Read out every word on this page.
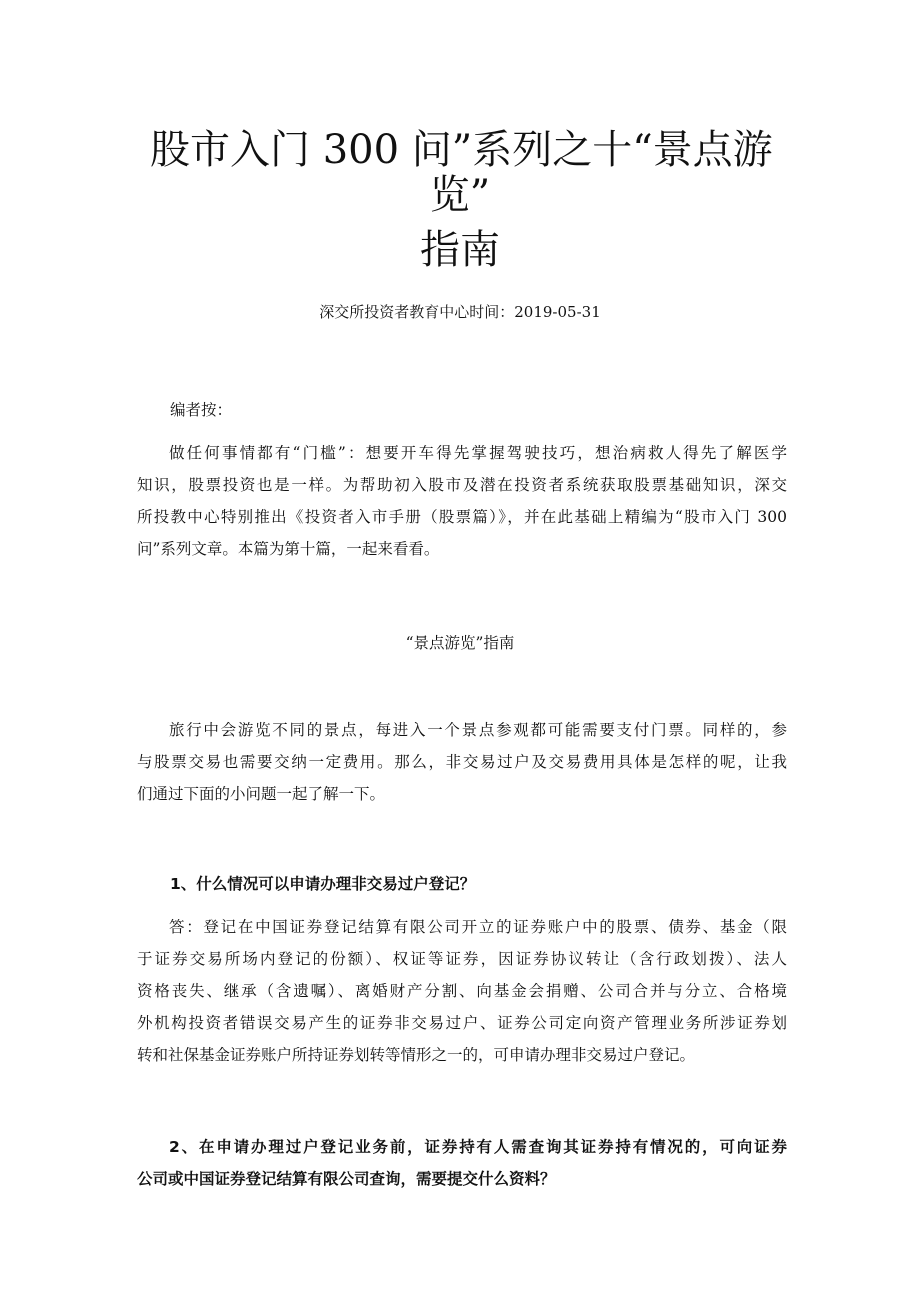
股市入门 300 问”系列之十“景点游
览”
指南
深交所投资者教育中心时间：2019-05-31
编者按：
做任何事情都有“门槛”：想要开车得先掌握驾驶技巧，想治病救人得先了解医学
知识，股票投资也是一样。为帮助初入股市及潜在投资者系统获取股票基础知识，深交
所投教中心特别推出《投资者入市手册（股票篇）》，并在此基础上精编为“股市入门 300
问”系列文章。本篇为第十篇，一起来看看。
“景点游览”指南
旅行中会游览不同的景点，每进入一个景点参观都可能需要支付门票。同样的，参
与股票交易也需要交纳一定费用。那么，非交易过户及交易费用具体是怎样的呢，让我
们通过下面的小问题一起了解一下。
1、什么情况可以申请办理非交易过户登记？
答：登记在中国证券登记结算有限公司开立的证券账户中的股票、债券、基金（限
于证券交易所场内登记的份额）、权证等证券，因证券协议转让（含行政划拨）、法人
资格丧失、继承（含遗嘱）、离婚财产分割、向基金会捐赠、公司合并与分立、合格境
外机构投资者错误交易产生的证券非交易过户、证券公司定向资产管理业务所涉证券划
转和社保基金证券账户所持证券划转等情形之一的，可申请办理非交易过户登记。
2、在申请办理过户登记业务前，证券持有人需查询其证券持有情况的，可向证券
公司或中国证券登记结算有限公司查询，需要提交什么资料？
